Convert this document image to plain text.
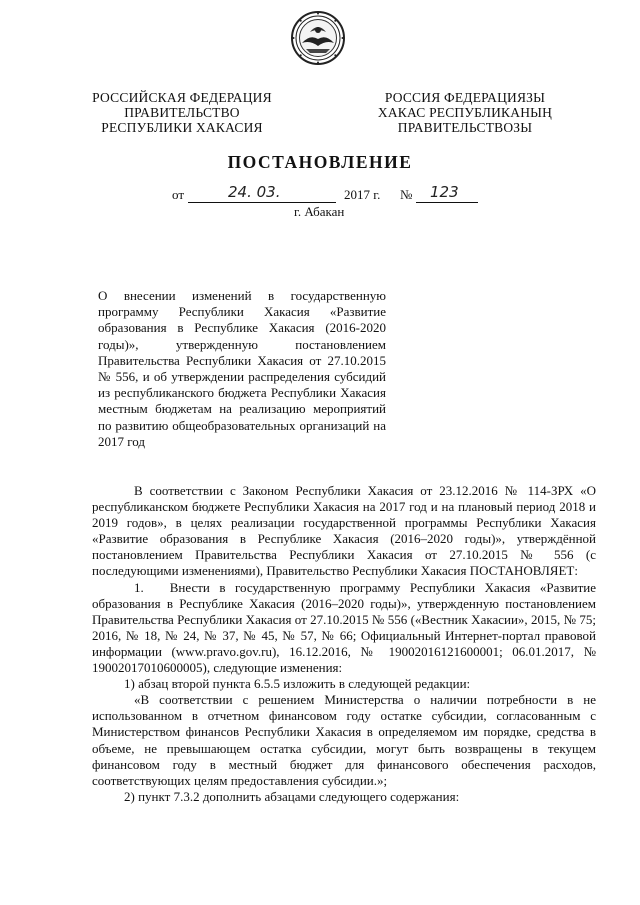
РОССИЙСКАЯ ФЕДЕРАЦИЯ
ПРАВИТЕЛЬСТВО
РЕСПУБЛИКИ ХАКАСИЯ
РОССИЯ ФЕДЕРАЦИЯЗЫ
ХАКАС РЕСПУБЛИКАНЫҢ
ПРАВИТЕЛЬСТВОЗЫ
ПОСТАНОВЛЕНИЕ
от	24. 03.	2017 г. № 123
г. Абакан
О внесении изменений в государственную программу Республики Хакасия «Развитие образования в Республике Хакасия (2016-2020 годы)», утвержденную постановлением Правительства Республики Хакасия от 27.10.2015 № 556, и об утверждении распределения субсидий из республиканского бюджета Республики Хакасия местным бюджетам на реализацию мероприятий по развитию общеобразовательных организаций на 2017 год

В соответствии с Законом Республики Хакасия от 23.12.2016 № 114-ЗРХ «О республиканском бюджете Республики Хакасия на 2017 год и на плановый период 2018 и 2019 годов», в целях реализации государственной программы Республики Хакасия «Развитие образования в Республике Хакасия (2016–2020 годы)», утверждённой постановлением Правительства Республики Хакасия от 27.10.2015 № 556 (с последующими изменениями), Правительство Республики Хакасия ПОСТАНОВЛЯЕТ:

1.  Внести в государственную программу Республики Хакасия «Развитие образования в Республике Хакасия (2016–2020 годы)», утвержденную постановлением Правительства Республики Хакасия от 27.10.2015 № 556 («Вестник Хакасии», 2015, № 75; 2016, № 18, № 24, № 37, № 45, № 57, № 66; Официальный Интернет-портал правовой информации (www.pravo.gov.ru), 16.12.2016, № 19002016121600001; 06.01.2017, № 19002017010600005), следующие изменения:

1) абзац второй пункта 6.5.5 изложить в следующей редакции:

«В соответствии с решением Министерства о наличии потребности в не использованном в отчетном финансовом году остатке субсидии, согласованным с Министерством финансов Республики Хакасия в определяемом им порядке, средства в объеме, не превышающем остатка субсидии, могут быть возвращены в текущем финансовом году в местный бюджет для финансового обеспечения расходов, соответствующих целям предоставления субсидии.»;

2) пункт 7.3.2 дополнить абзацами следующего содержания:
